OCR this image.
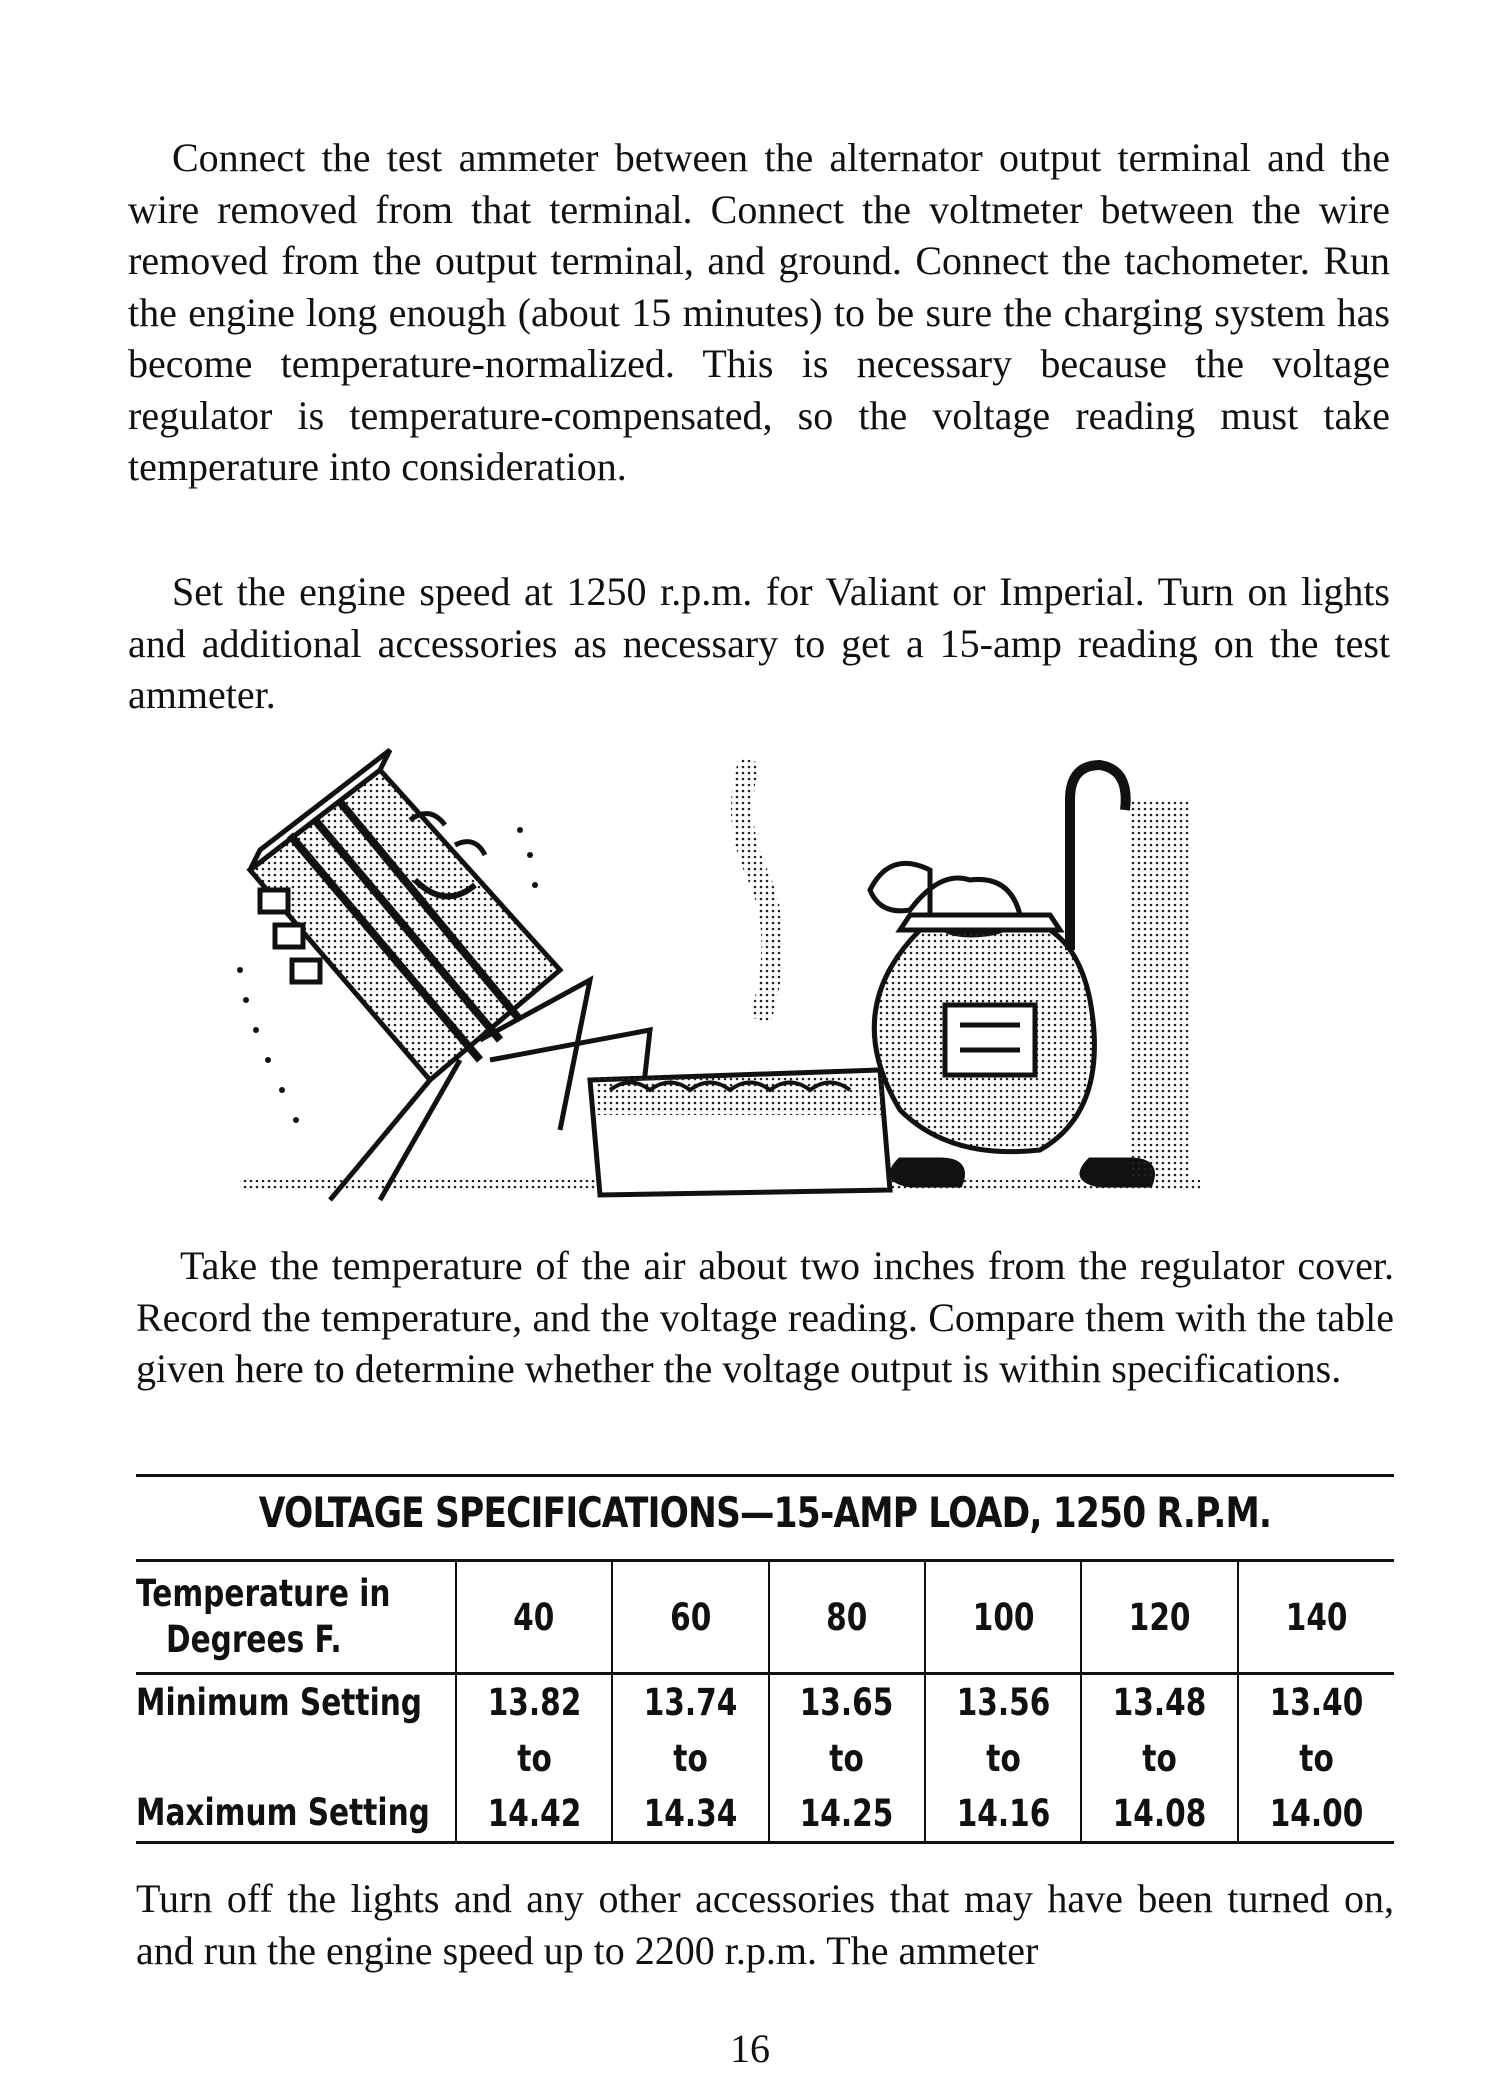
Connect the test ammeter between the alternator output terminal and the wire removed from that terminal. Connect the voltmeter between the wire removed from the output terminal, and ground. Connect the tachometer. Run the engine long enough (about 15 minutes) to be sure the charging system has become temperature-normalized. This is necessary because the voltage regulator is temperature-compensated, so the voltage reading must take temperature into consideration.

Set the engine speed at 1250 r.p.m. for Valiant or Imperial. Turn on lights and additional accessories as necessary to get a 15-amp reading on the test ammeter.

Take the temperature of the air about two inches from the regulator cover. Record the temperature, and the voltage reading. Compare them with the table given here to determine whether the voltage output is within specifications.

VOLTAGE SPECIFICATIONS—15-AMP LOAD, 1250 R.P.M.
Temperature in
Degrees F.	40	60	80	100	120	140
Minimum Setting	13.82	13.74	13.65	13.56	13.48	13.40
	to	to	to	to	to	to
Maximum Setting	14.42	14.34	14.25	14.16	14.08	14.00

Turn off the lights and any other accessories that may have been turned on, and run the engine speed up to 2200 r.p.m. The ammeter

16
